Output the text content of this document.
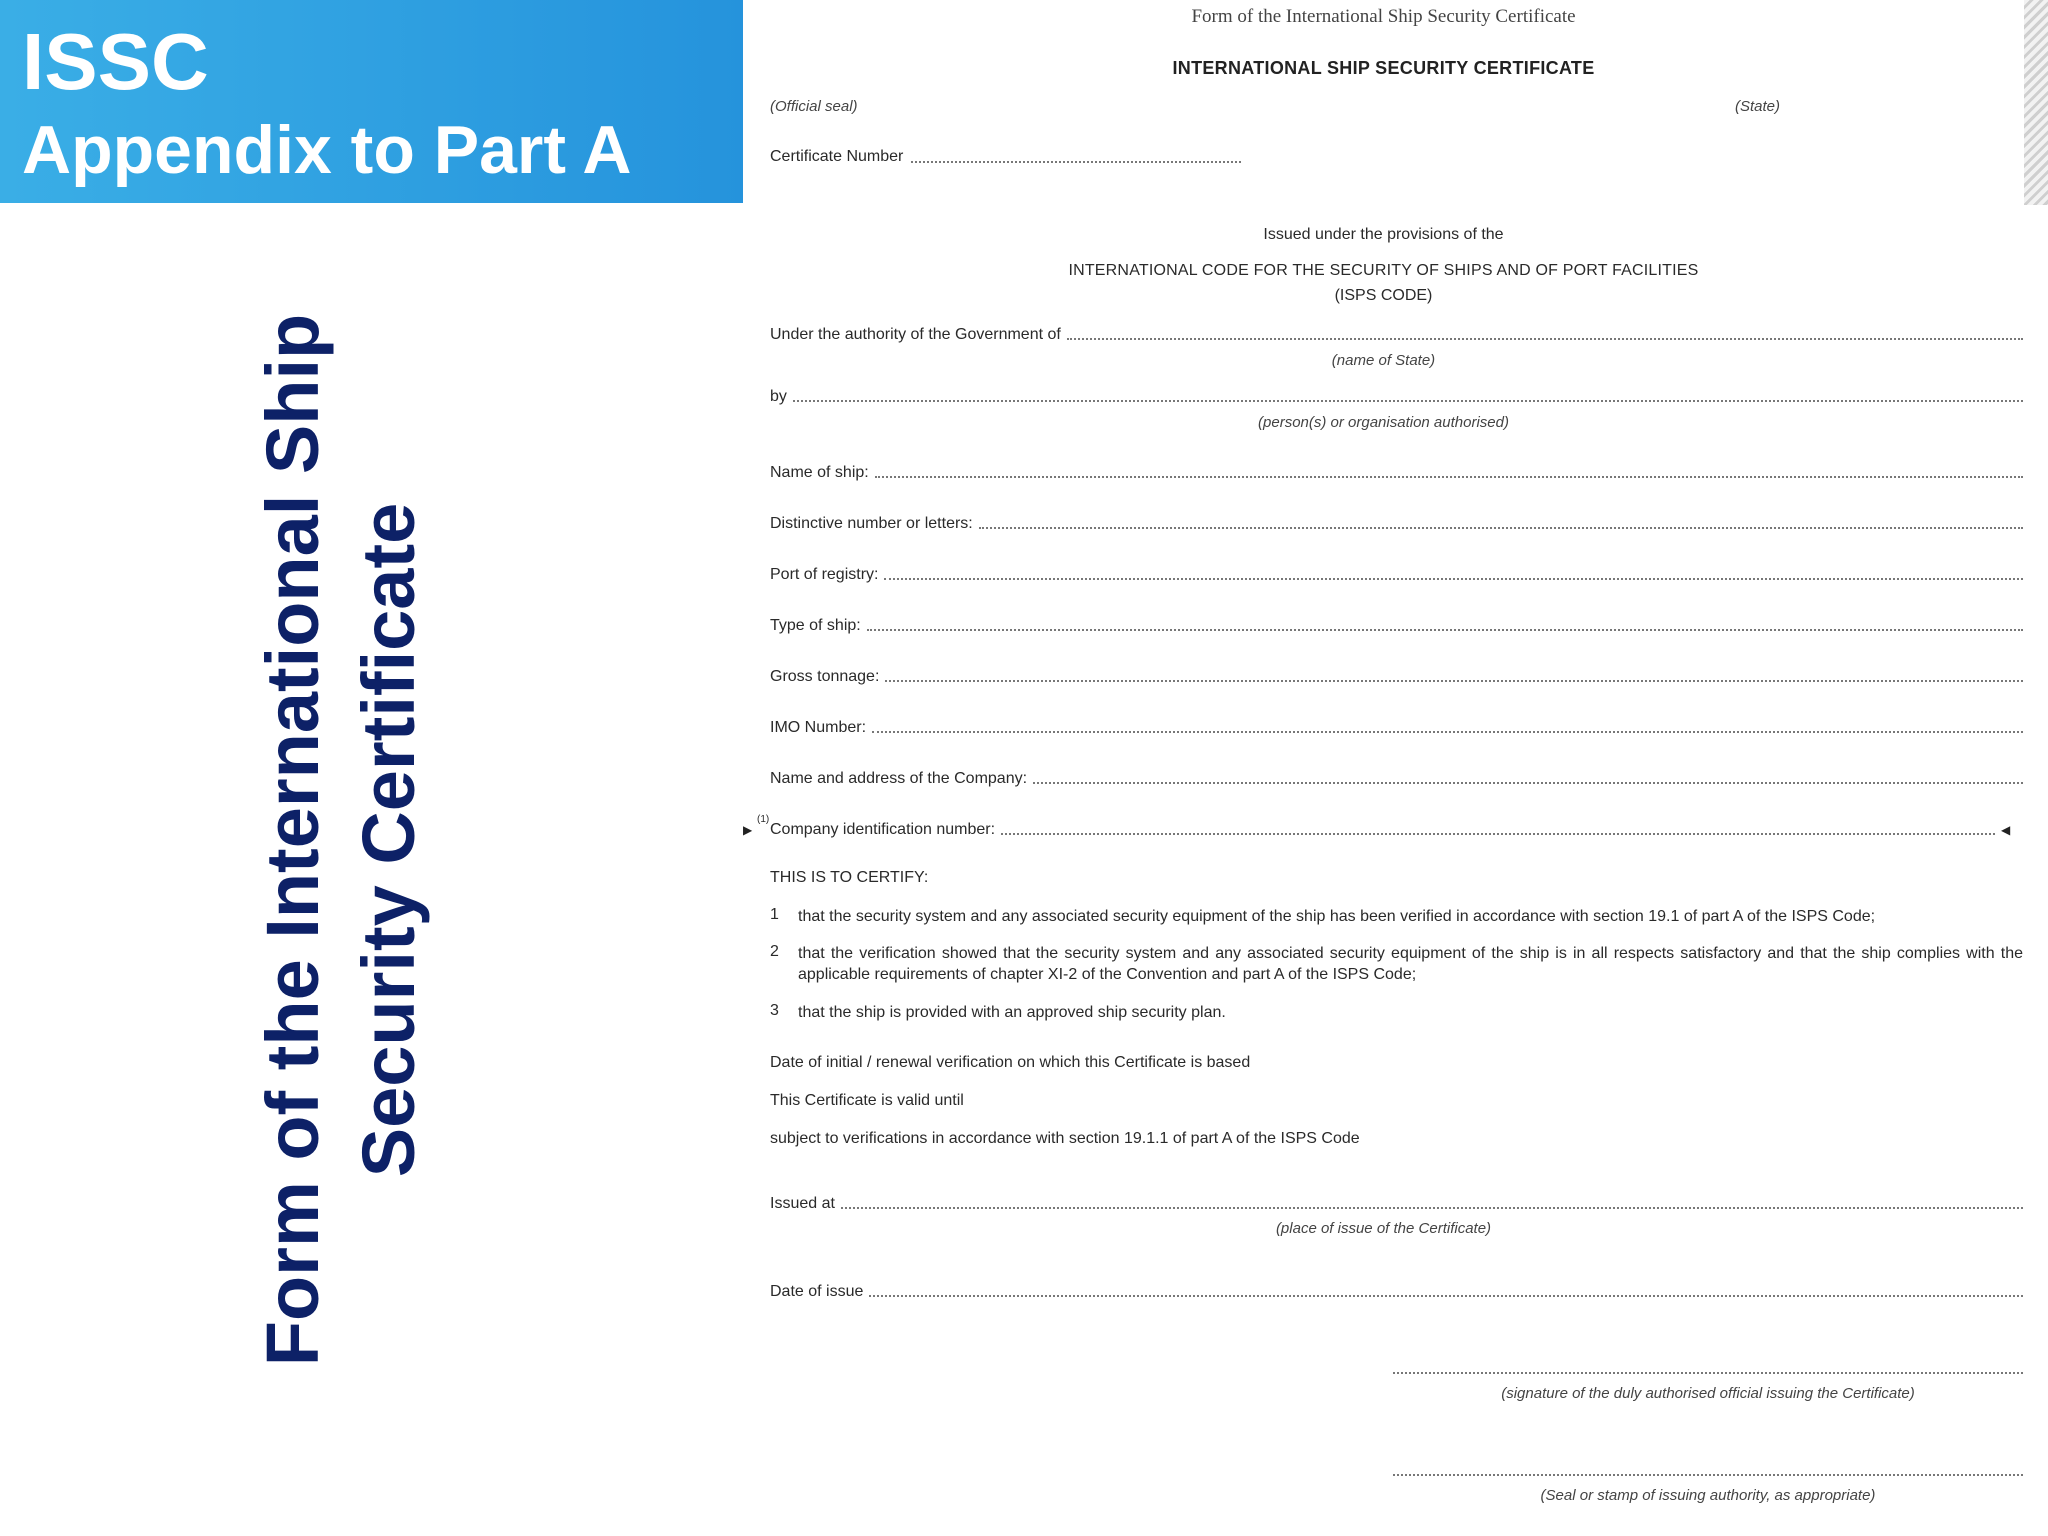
ISSC
Appendix to Part A
Form of the International Ship Security Certificate
Form of the International Ship Security Certificate
INTERNATIONAL SHIP SECURITY CERTIFICATE
(Official seal)	(State)
Certificate Number
Issued under the provisions of the
INTERNATIONAL CODE FOR THE SECURITY OF SHIPS AND OF PORT FACILITIES
(ISPS CODE)
Under the authority of the Government of
(name of State)
by
(person(s) or organisation authorised)
Name of ship:
Distinctive number or letters:
Port of registry:
Type of ship:
Gross tonnage:
IMO Number:
Name and address of the Company:
▶
(1)
Company identification number:	◀
THIS IS TO CERTIFY:
1	that the security system and any associated security equipment of the ship has been verified in accordance with section 19.1 of part A of the ISPS Code;
2	that the verification showed that the security system and any associated security equipment of the ship is in all respects satisfactory and that the ship complies with the applicable requirements of chapter XI-2 of the Convention and part A of the ISPS Code;
3	that the ship is provided with an approved ship security plan.
Date of initial / renewal verification on which this Certificate is based
This Certificate is valid until
subject to verifications in accordance with section 19.1.1 of part A of the ISPS Code
Issued at
(place of issue of the Certificate)
Date of issue
(signature of the duly authorised official issuing the Certificate)
(Seal or stamp of issuing authority, as appropriate)
